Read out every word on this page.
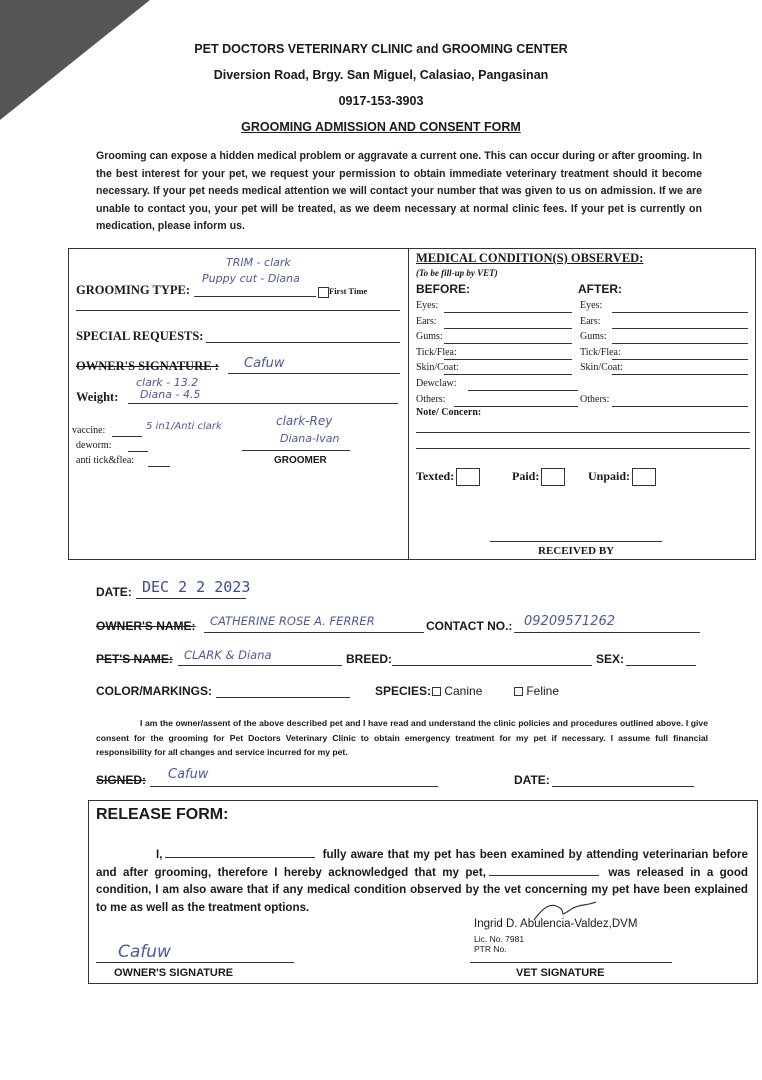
PET DOCTORS VETERINARY CLINIC and GROOMING CENTER
Diversion Road, Brgy. San Miguel, Calasiao, Pangasinan
0917-153-3903
GROOMING ADMISSION AND CONSENT FORM
Grooming can expose a hidden medical problem or aggravate a current one. This can occur during or after grooming. In the best interest for your pet, we request your permission to obtain immediate veterinary treatment should it become necessary. If your pet needs medical attention we will contact your number that was given to us on admission. If we are unable to contact you, your pet will be treated, as we deem necessary at normal clinic fees. If your pet is currently on medication, please inform us.
TRIM - clark
Puppy cut - Diana
GROOMING TYPE:	First Time
SPECIAL REQUESTS:
OWNER'S SIGNATURE : Cafuw
clark - 13.2
Weight: Diana - 4.5
vaccine:	5 in1/Anti clark
deworm:
anti tick&flea:
clark-Rey
Diana-Ivan
GROOMER
MEDICAL CONDITION(S) OBSERVED:
(To be fill-up by VET)
BEFORE:	AFTER:
Eyes:	Eyes:
Ears:	Ears:
Gums:	Gums:
Tick/Flea:	Tick/Flea:
Skin/Coat:	Skin/Coat:
Dewclaw:
Others:	Others:
Note/ Concern:
Texted:	Paid:	Unpaid:
RECEIVED BY
DATE: DEC 2 2 2023
OWNER'S NAME: CATHERINE ROSE A. FERRER	CONTACT NO.: 09209571262
PET'S NAME: CLARK & Diana	BREED:	SEX:
COLOR/MARKINGS:	SPECIES:	Canine	Feline
I am the owner/assent of the above described pet and I have read and understand the clinic policies and procedures outlined above. I give consent for the grooming for Pet Doctors Veterinary Clinic to obtain emergency treatment for my pet if necessary. I assume full financial responsibility for all changes and service incurred for my pet.
SIGNED: Cafuw	DATE:
RELEASE FORM:
I,	fully aware that my pet has been examined by attending veterinarian before and after grooming, therefore I hereby acknowledged that my pet,	was released in a good condition, I am also aware that if any medical condition observed by the vet concerning my pet have been explained to me as well as the treatment options.
Ingrid D. Abulencia-Valdez,DVM
Lic. No. 7981
PTR No.
Cafuw
OWNER'S SIGNATURE	VET SIGNATURE
